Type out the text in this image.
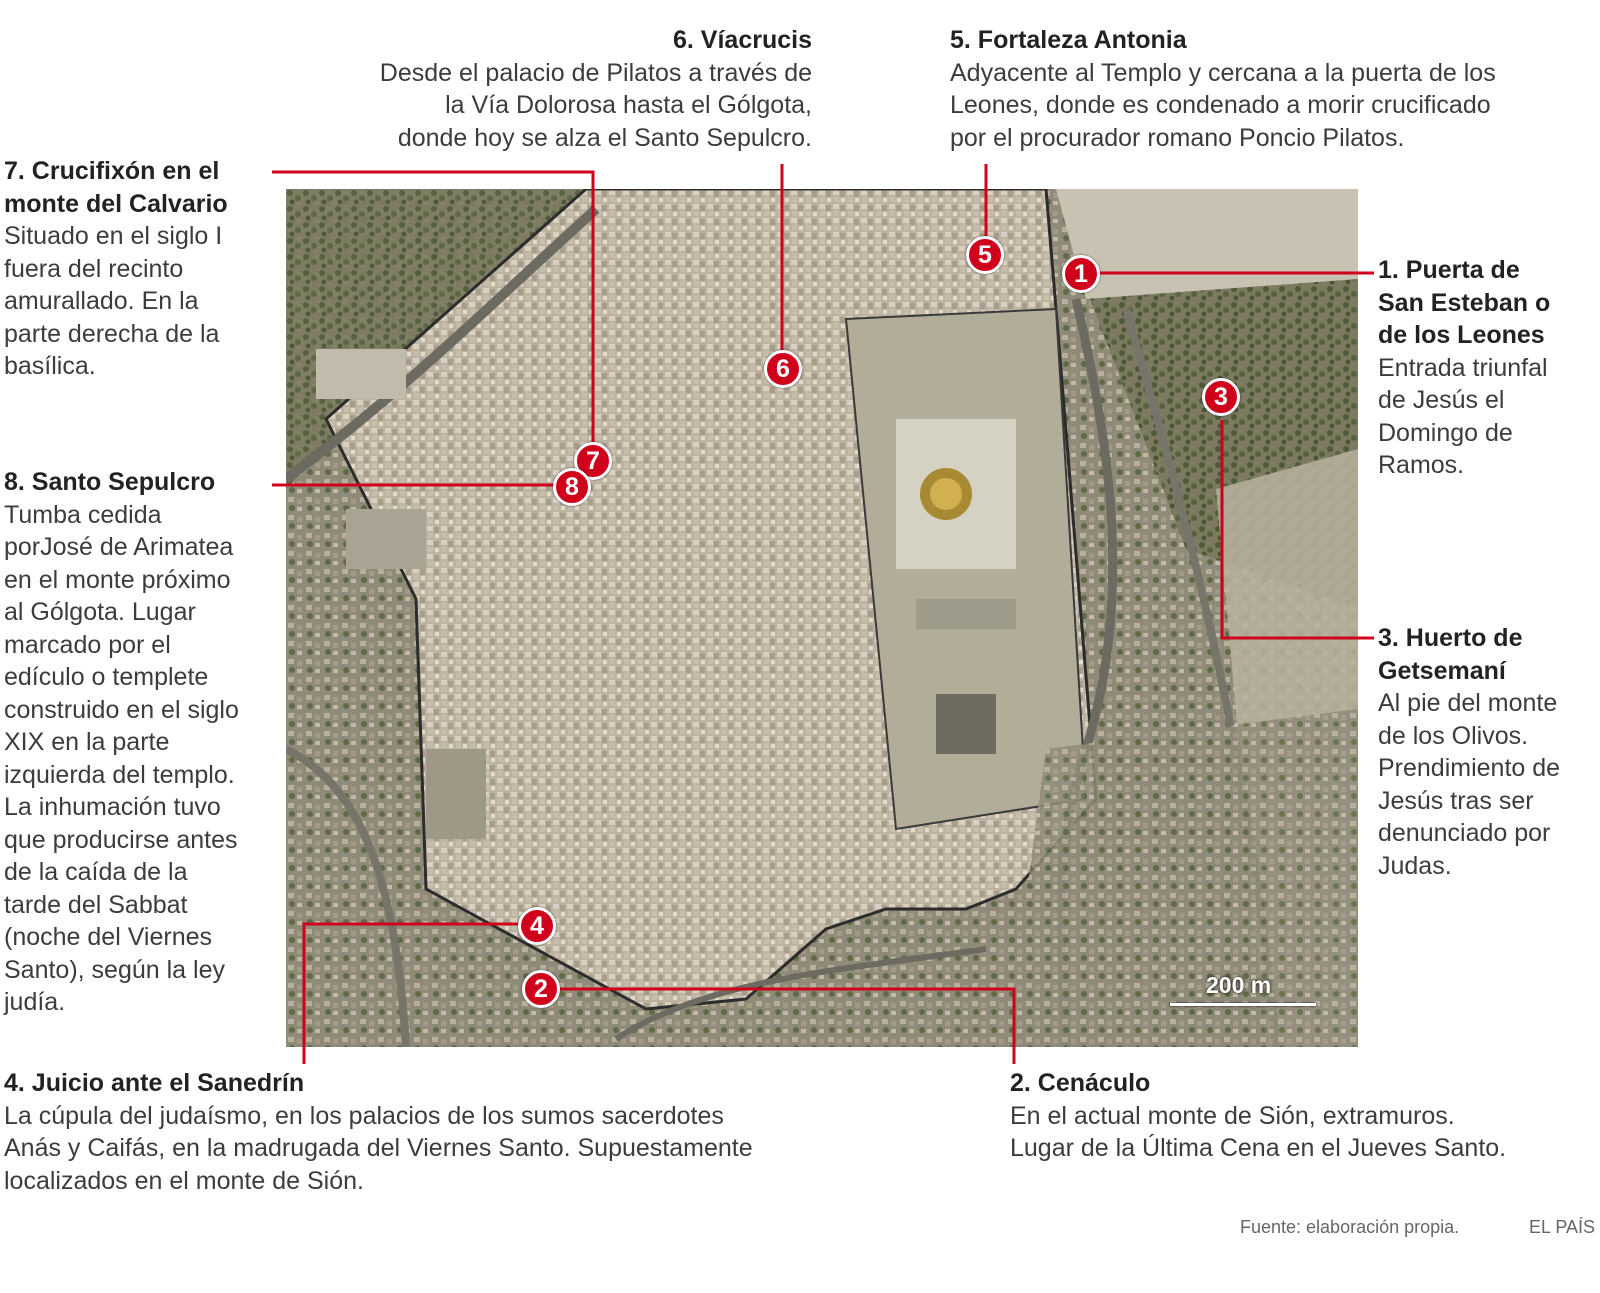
6. Víacrucis
Desde el palacio de Pilatos a través de
la Vía Dolorosa hasta el Gólgota,
donde hoy se alza el Santo Sepulcro.
5. Fortaleza Antonia
Adyacente al Templo y cercana a la puerta de los
Leones, donde es condenado a morir crucificado
por el procurador romano Poncio Pilatos.
7. Crucifixón en el
monte del Calvario
Situado en el siglo I
fuera del recinto
amurallado. En la
parte derecha de la
basílica.
8. Santo Sepulcro
Tumba cedida
porJosé de Arimatea
en el monte próximo
al Gólgota. Lugar
marcado por el
edículo o templete
construido en el siglo
XIX en la parte
izquierda del templo.
La inhumación tuvo
que producirse antes
de la caída de la
tarde del Sabbat
(noche del Viernes
Santo), según la ley
judía.
1. Puerta de
San Esteban o
de los Leones
Entrada triunfal
de Jesús el
Domingo de
Ramos.
3. Huerto de
Getsemaní
Al pie del monte
de los Olivos.
Prendimiento de
Jesús tras ser
denunciado por
Judas.
4. Juicio ante el Sanedrín
La cúpula del judaísmo, en los palacios de los sumos sacerdotes
Anás y Caifás, en la madrugada del Viernes Santo. Supuestamente
localizados en el monte de Sión.
2. Cenáculo
En el actual monte de Sión, extramuros.
Lugar de la Última Cena en el Jueves Santo.
1
5
6
3
7
8
4
2	200 m
Fuente: elaboración propia.	EL PAÍS
